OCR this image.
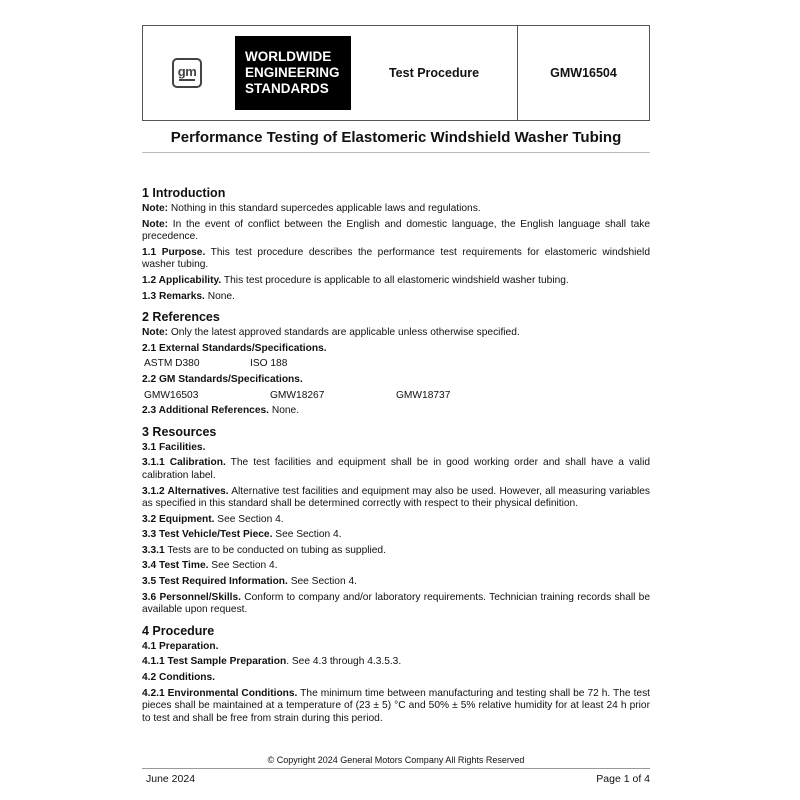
gm
WORLDWIDE
ENGINEERING
STANDARDS
Test Procedure	GMW16504
Performance Testing of Elastomeric Windshield Washer Tubing
1 Introduction

Note: Nothing in this standard supercedes applicable laws and regulations.

Note: In the event of conflict between the English and domestic language, the English language shall take precedence.

1.1 Purpose. This test procedure describes the performance test requirements for elastomeric windshield washer tubing.

1.2 Applicability. This test procedure is applicable to all elastomeric windshield washer tubing.

1.3 Remarks. None.

2 References

Note: Only the latest approved standards are applicable unless otherwise specified.

2.1 External Standards/Specifications.

ASTM D380	ISO 188

2.2 GM Standards/Specifications.

GMW16503	GMW18267	GMW18737

2.3 Additional References. None.

3 Resources

3.1 Facilities.

3.1.1 Calibration. The test facilities and equipment shall be in good working order and shall have a valid calibration label.

3.1.2 Alternatives. Alternative test facilities and equipment may also be used. However, all measuring variables as specified in this standard shall be determined correctly with respect to their physical definition.

3.2 Equipment. See Section 4.

3.3 Test Vehicle/Test Piece. See Section 4.

3.3.1 Tests are to be conducted on tubing as supplied.

3.4 Test Time. See Section 4.

3.5 Test Required Information. See Section 4.

3.6 Personnel/Skills. Conform to company and/or laboratory requirements. Technician training records shall be available upon request.

4 Procedure

4.1 Preparation.

4.1.1 Test Sample Preparation. See 4.3 through 4.3.5.3.

4.2 Conditions.

4.2.1 Environmental Conditions. The minimum time between manufacturing and testing shall be 72 h. The test pieces shall be maintained at a temperature of (23 ± 5) °C and 50% ± 5% relative humidity for at least 24 h prior to test and shall be free from strain during this period.

© Copyright 2024 General Motors Company All Rights Reserved
June 2024	Page 1 of 4
